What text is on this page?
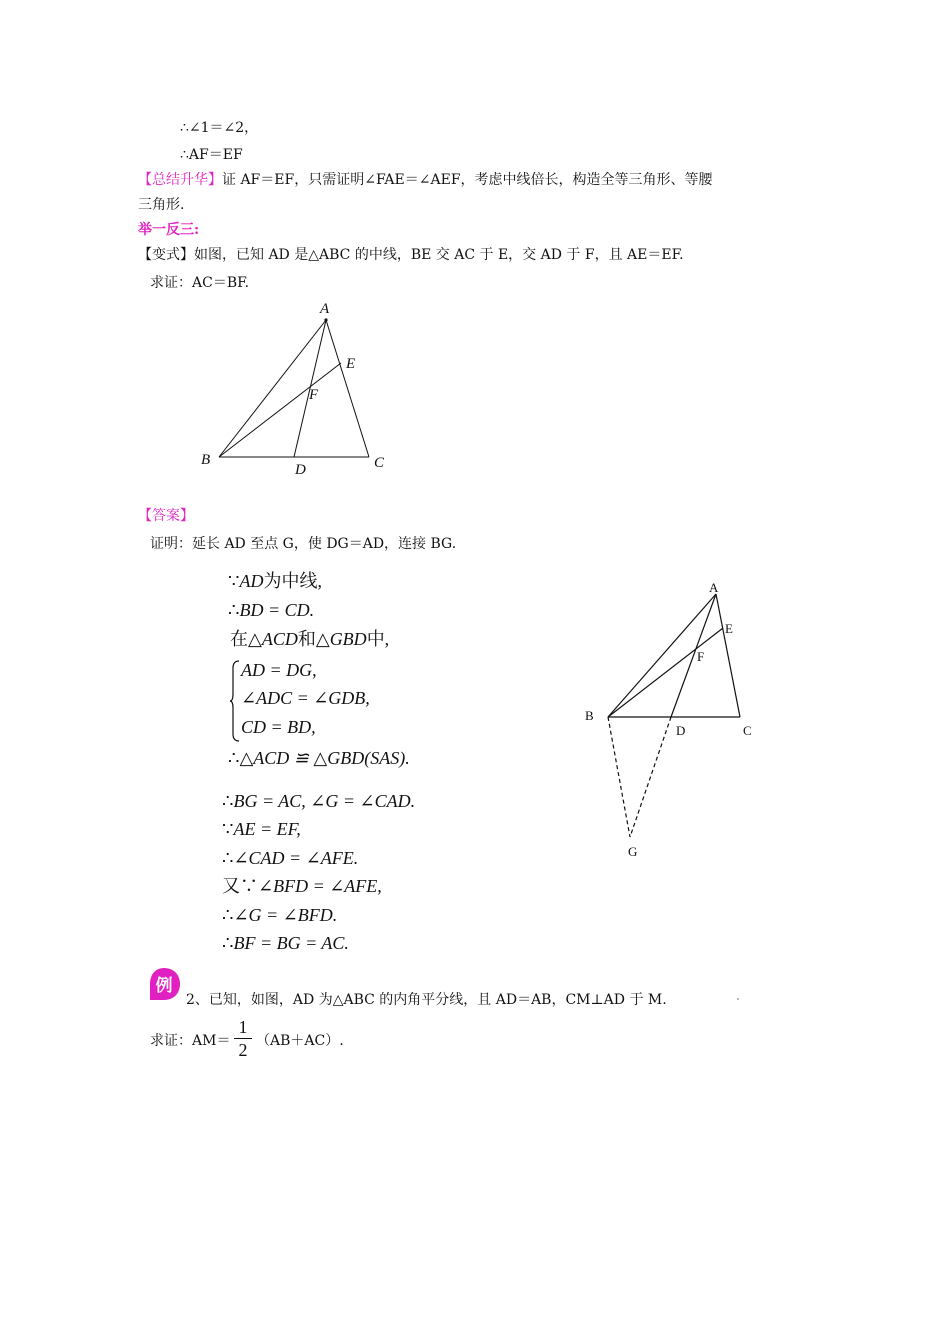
∴∠1＝∠2，
∴AF＝EF
【总结升华】证 AF＝EF，只需证明∠FAE＝∠AEF，考虑中线倍长，构造全等三角形、等腰
三角形.
举一反三:
【变式】如图，已知 AD 是△ABC 的中线，BE 交 AC 于 E，交 AD 于 F，且 AE＝EF.
求证：AC＝BF.
A
E
F
B
D	C
【答案】
证明：延长 AD 至点 G，使 DG＝AD，连接 BG.
∵AD为中线,
∴BD = CD.
在△ACD和△GBD中,
AD = DG,
∠ADC = ∠GDB,
CD = BD,
∴△ACD ≌ △GBD(SAS).
∴BG = AC, ∠G = ∠CAD.
∵AE = EF,
∴∠CAD = ∠AFE.
又∵∠BFD = ∠AFE,
∴∠G = ∠BFD.
∴BF = BG = AC.
A
E
F
B
D	C
G
例
2、已知，如图，AD 为△ABC 的内角平分线，且 AD＝AB，CM⊥AD 于 M.
求证：AM＝
1
2 （AB＋AC）.
